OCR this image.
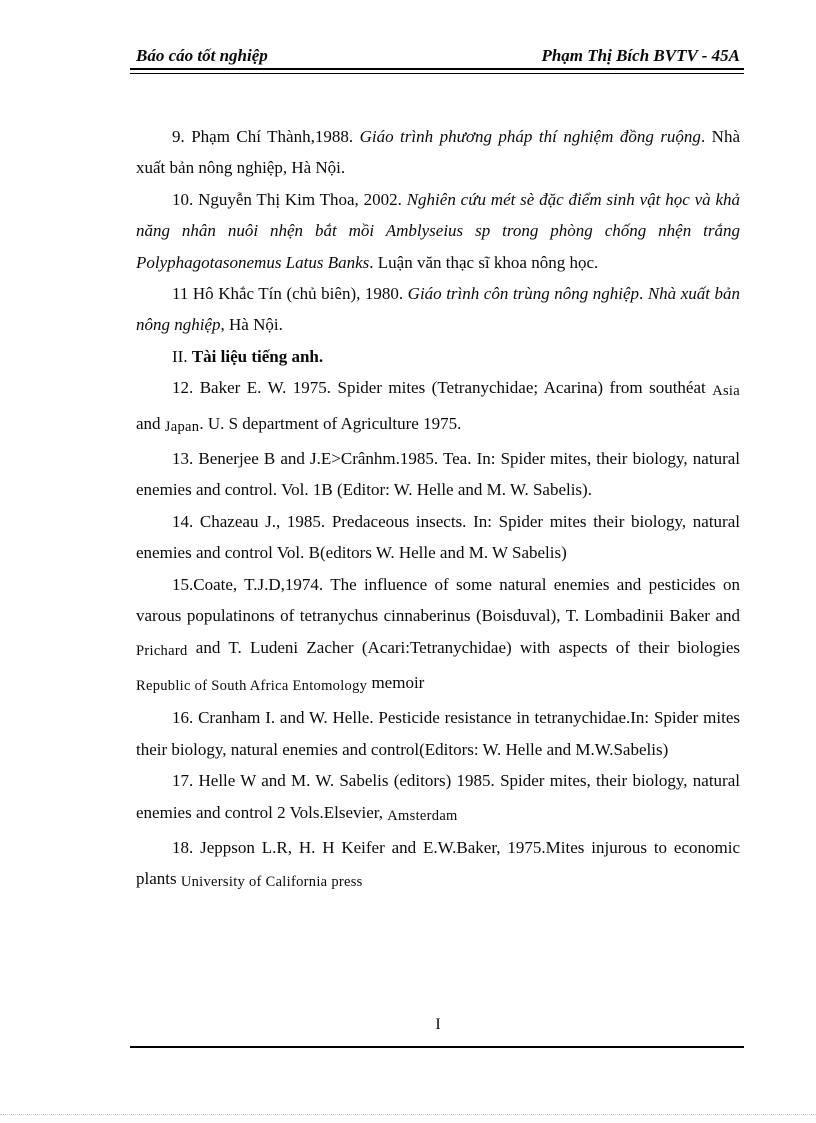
Báo cáo tốt nghiệp	Phạm Thị Bích BVTV - 45A

9. Phạm Chí Thành,1988. Giáo trình phương pháp thí nghiệm đồng ruộng. Nhà xuất bản nông nghiệp, Hà Nội.

10. Nguyễn Thị Kim Thoa, 2002. Nghiên cứu mét sè đặc điểm sinh vật học và khả năng nhân nuôi nhện bắt mồi Amblyseius sp trong phòng chống nhện trắng Polyphagotasonemus Latus Banks. Luận văn thạc sĩ khoa nông học.

11 Hô Khắc Tín (chủ biên), 1980. Giáo trình côn trùng nông nghiệp. Nhà xuất bản nông nghiệp, Hà Nội.

II. Tài liệu tiếng anh.

12. Baker E. W. 1975. Spider mites (Tetranychidae; Acarina) from southéat Asia and Japan. U. S department of Agriculture 1975.

13. Benerjee B and J.E>Crânhm.1985. Tea. In: Spider mites, their biology, natural enemies and control. Vol. 1B (Editor: W. Helle and M. W. Sabelis).

14. Chazeau J., 1985. Predaceous insects. In: Spider mites their biology, natural enemies and control Vol. B(editors W. Helle and M. W Sabelis)

15.Coate, T.J.D,1974. The influence of some natural enemies and pesticides on varous populatinons of tetranychus cinnaberinus (Boisduval), T. Lombadinii Baker and Prichard and T. Ludeni Zacher (Acari:Tetranychidae) with aspects of their biologies Republic of South Africa Entomology memoir

16. Cranham I. and W. Helle. Pesticide resistance in tetranychidae.In: Spider mites their biology, natural enemies and control(Editors: W. Helle and M.W.Sabelis)

17. Helle W and M. W. Sabelis (editors) 1985. Spider mites, their biology, natural enemies and control 2 Vols.Elsevier, Amsterdam

18. Jeppson L.R, H. H Keifer and E.W.Baker, 1975.Mites injurous to economic plants University of California press

I
